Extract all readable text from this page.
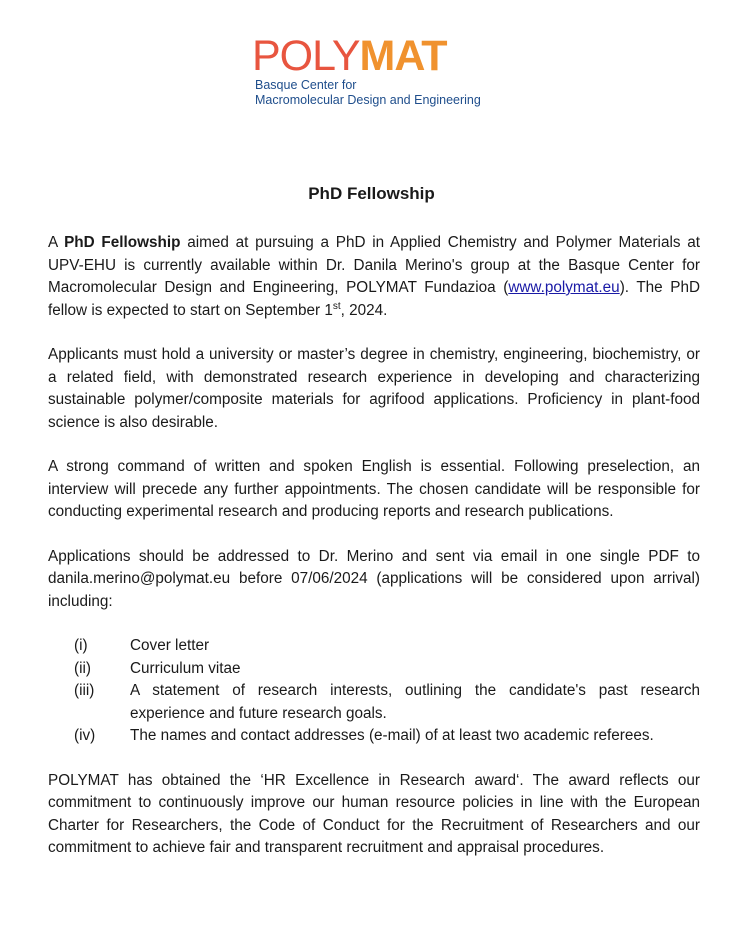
POLYMAT
Basque Center for
Macromolecular Design and Engineering
PhD Fellowship

A PhD Fellowship aimed at pursuing a PhD in Applied Chemistry and Polymer Materials at UPV-EHU is currently available within Dr. Danila Merino's group at the Basque Center for Macromolecular Design and Engineering, POLYMAT Fundazioa (www.polymat.eu). The PhD fellow is expected to start on September 1st, 2024.

Applicants must hold a university or master’s degree in chemistry, engineering, biochemistry, or a related field, with demonstrated research experience in developing and characterizing sustainable polymer/composite materials for agrifood applications. Proficiency in plant-food science is also desirable.

A strong command of written and spoken English is essential. Following preselection, an interview will precede any further appointments. The chosen candidate will be responsible for conducting experimental research and producing reports and research publications.

Applications should be addressed to Dr. Merino and sent via email in one single PDF to danila.merino@polymat.eu before 07/06/2024 (applications will be considered upon arrival) including:

(i)	Cover letter
(ii)	Curriculum vitae
(iii)	A statement of research interests, outlining the candidate's past research experience and future research goals.
(iv)	The names and contact addresses (e-mail) of at least two academic referees.

POLYMAT has obtained the ‘HR Excellence in Research award‘. The award reflects our commitment to continuously improve our human resource policies in line with the European Charter for Researchers, the Code of Conduct for the Recruitment of Researchers and our commitment to achieve fair and transparent recruitment and appraisal procedures.
